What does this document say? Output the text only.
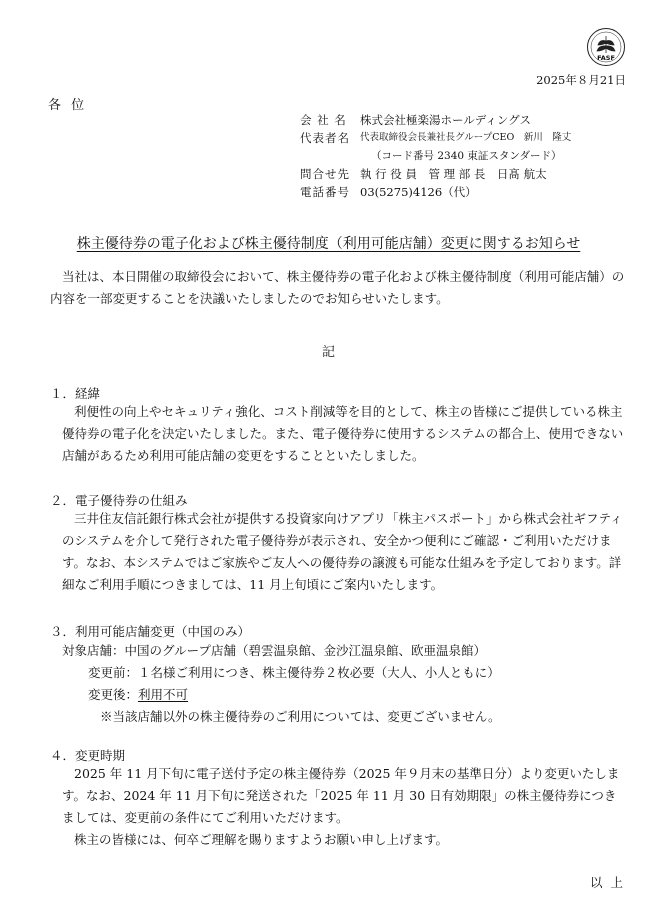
FASF
2025年８月21日
各 位
会 社 名	株式会社極楽湯ホールディングス
代表者名	代表取締役会長兼社長グループCEO　新川　隆丈
（コード番号 2340 東証スタンダード）
問合せ先 執 行 役 員　管 理 部 長　日髙 航太
電話番号 03(5275)4126（代）
株主優待券の電子化および株主優待制度（利用可能店舗）変更に関するお知らせ
当社は、本日開催の取締役会において、株主優待券の電子化および株主優待制度（利用可能店舗）の内容を一部変更することを決議いたしましたのでお知らせいたします。
記
１．経緯
利便性の向上やセキュリティ強化、コスト削減等を目的として、株主の皆様にご提供している株主優待券の電子化を決定いたしました。また、電子優待券に使用するシステムの都合上、使用できない店舗があるため利用可能店舗の変更をすることといたしました。
２．電子優待券の仕組み
三井住友信託銀行株式会社が提供する投資家向けアプリ「株主パスポート」から株式会社ギフティのシステムを介して発行された電子優待券が表示され、安全かつ便利にご確認・ご利用いただけます。なお、本システムではご家族やご友人への優待券の譲渡も可能な仕組みを予定しております。詳細なご利用手順につきましては、11 月上旬頃にご案内いたします。
３．利用可能店舗変更（中国のみ）
対象店舗：中国のグループ店舗（碧雲温泉館、金沙江温泉館、欧亜温泉館）
変更前：１名様ご利用につき、株主優待券２枚必要（大人、小人ともに）
変更後：利用不可
※当該店舗以外の株主優待券のご利用については、変更ございません。
４．変更時期
2025 年 11 月下旬に電子送付予定の株主優待券（2025 年９月末の基準日分）より変更いたします。なお、2024 年 11 月下旬に発送された「2025 年 11 月 30 日有効期限」の株主優待券につきましては、変更前の条件にてご利用いただけます。
株主の皆様には、何卒ご理解を賜りますようお願い申し上げます。
以上
